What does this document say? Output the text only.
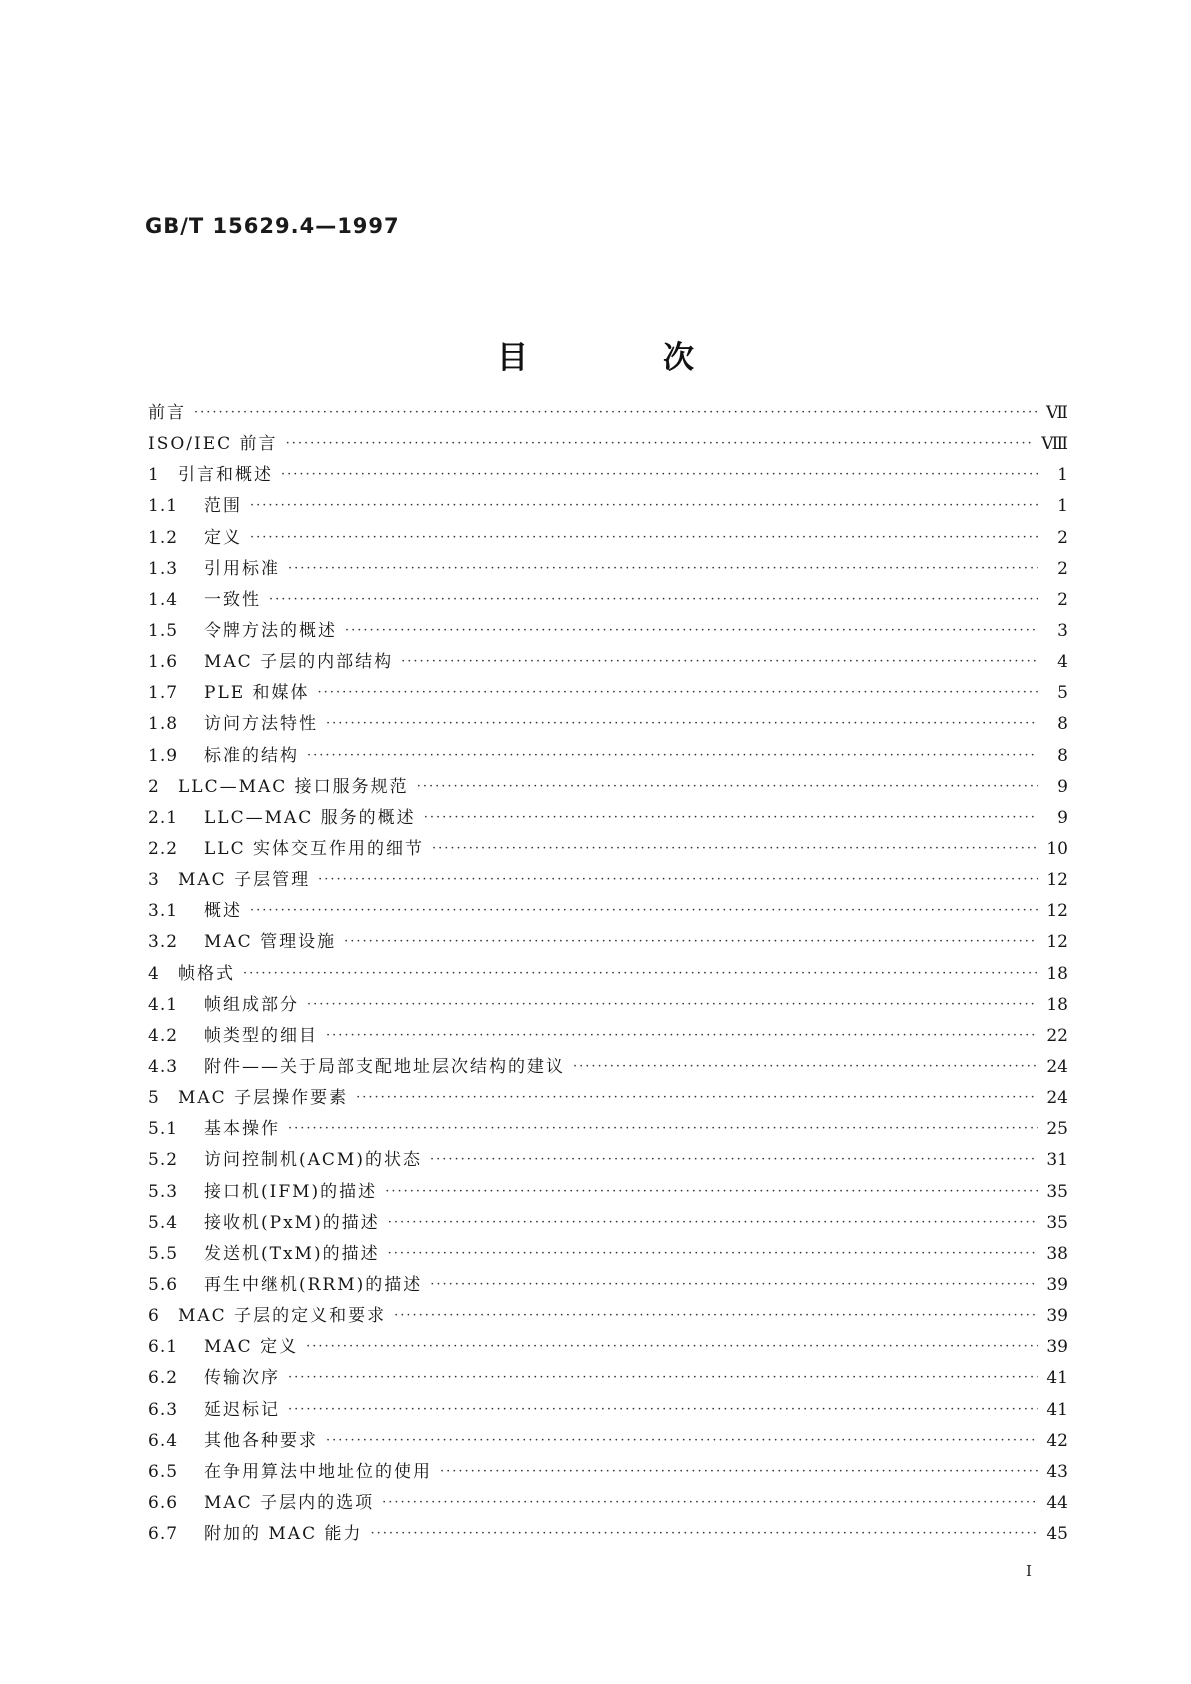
GB/T 15629.4—1997
目　次
前言 ·····	Ⅶ
ISO/IEC 前言 ·····	Ⅷ
1	引言和概述 ·····	1
1.1	范围 ·····	1
1.2	定义 ·····	2
1.3	引用标准 ·····	2
1.4	一致性 ·····	2
1.5	令牌方法的概述 ·····	3
1.6	MAC 子层的内部结构 ·····	4
1.7	PLE 和媒体 ·····	5
1.8	访问方法特性 ·····	8
1.9	标准的结构 ·····	8
2	LLC—MAC 接口服务规范 ·····	9
2.1	LLC—MAC 服务的概述 ·····	9
2.2	LLC 实体交互作用的细节 ·····	10
3	MAC 子层管理 ·····	12
3.1	概述 ·····	12
3.2	MAC 管理设施 ·····	12
4	帧格式 ·····	18
4.1	帧组成部分 ·····	18
4.2	帧类型的细目 ·····	22
4.3	附件——关于局部支配地址层次结构的建议 ·····	24
5	MAC 子层操作要素 ·····	24
5.1	基本操作 ·····	25
5.2	访问控制机(ACM)的状态 ·····	31
5.3	接口机(IFM)的描述 ·····	35
5.4	接收机(PxM)的描述 ·····	35
5.5	发送机(TxM)的描述 ·····	38
5.6	再生中继机(RRM)的描述 ·····	39
6	MAC 子层的定义和要求 ·····	39
6.1	MAC 定义 ·····	39
6.2	传输次序 ·····	41
6.3	延迟标记 ·····	41
6.4	其他各种要求 ·····	42
6.5	在争用算法中地址位的使用 ·····	43
6.6	MAC 子层内的选项 ·····	44
6.7	附加的 MAC 能力 ·····	45
I
